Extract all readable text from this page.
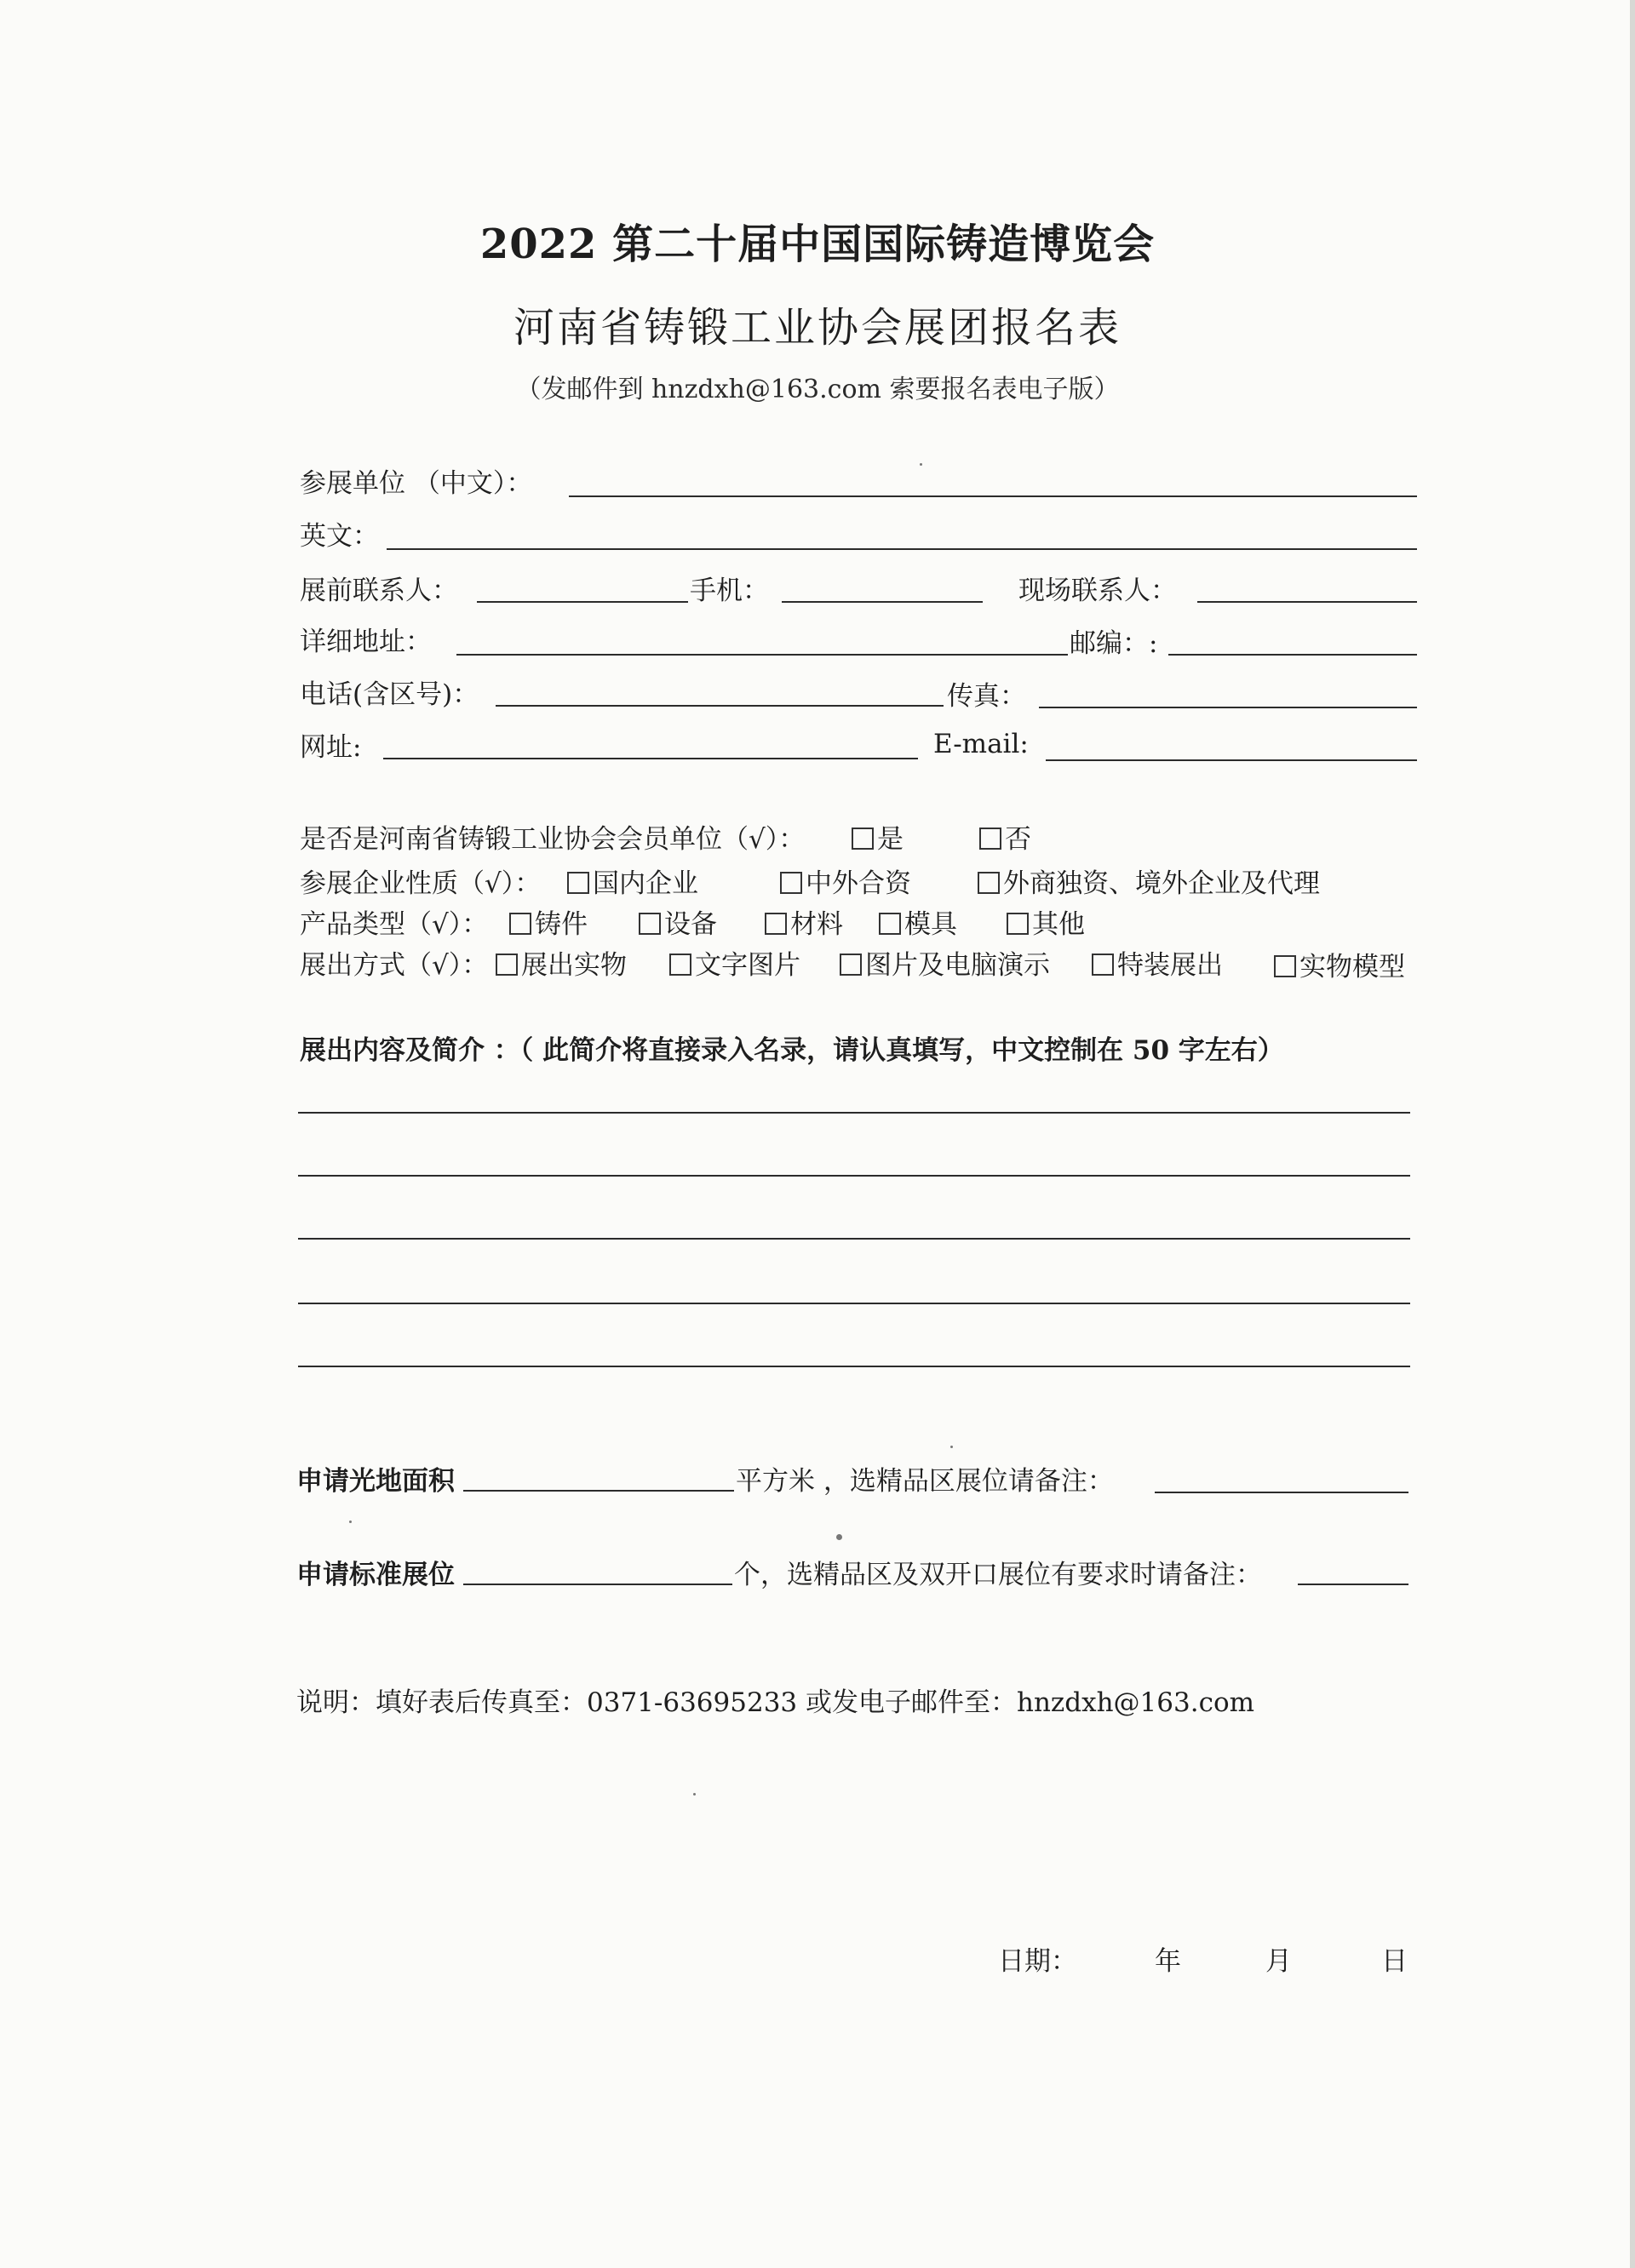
2022 第二十届中国国际铸造博览会
河南省铸锻工业协会展团报名表
（发邮件到 hnzdxh@163.com 索要报名表电子版）
参展单位 （中文）：
英文：
展前联系人：	手机：	现场联系人：
详细地址：	邮编：:
电话(含区号)：	传真：
网址:	E-mail:
是否是河南省铸锻工业协会会员单位（√）：	是	否
参展企业性质（√）：	国内企业	中外合资	外商独资、境外企业及代理
产品类型（√）：	铸件	设备	材料	模具	其他
展出方式（√）：	展出实物	文字图片	图片及电脑演示	特装展出	实物模型
展出内容及简介 ：（ 此简介将直接录入名录，请认真填写，中文控制在 50 字左右）
申请光地面积	平方米 ，选精品区展位请备注：
申请标准展位	个，选精品区及双开口展位有要求时请备注：
说明：填好表后传真至：0371-63695233 或发电子邮件至：hnzdxh@163.com
日期：	年	月	日
